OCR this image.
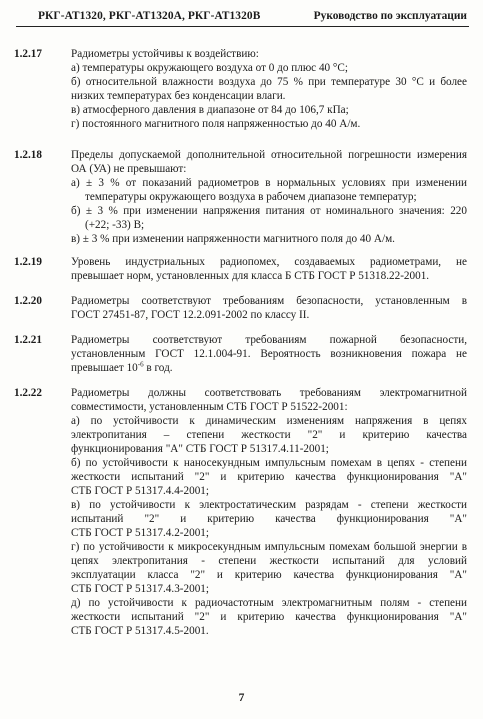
РКГ-АТ1320, РКГ-АТ1320А, РКГ-АТ1320В	Руководство по эксплуатации
1.2.17	Радиометры устойчивы к воздействию:
а) температуры окружающего воздуха от 0 до плюс 40 °С;
б) относительной влажности воздуха до 75 % при температуре 30 °С и более
низких температурах без конденсации влаги.
в) атмосферного давления в диапазоне от 84 до 106,7 кПа;
г) постоянного магнитного поля напряженностью до 40 А/м.
1.2.18	Пределы допускаемой дополнительной относительной погрешности измерения
ОА (УА) не превышают:
а) ± 3 % от показаний радиометров в нормальных условиях при изменении
температуры окружающего воздуха в рабочем диапазоне температур;
б) ± 3 % при изменении напряжения питания от номинального значения: 220
(+22; -33) В;
в) ± 3 % при изменении напряженности магнитного поля до 40 А/м.
1.2.19	Уровень индустриальных радиопомех, создаваемых радиометрами, не
превышает норм, установленных для класса Б СТБ ГОСТ Р 51318.22-2001.
1.2.20	Радиометры соответствуют требованиям безопасности, установленным в
ГОСТ 27451-87, ГОСТ 12.2.091-2002 по классу II.
1.2.21	Радиометры соответствуют требованиям пожарной безопасности,
установленным ГОСТ 12.1.004-91. Вероятность возникновения пожара не
превышает $10^{-6}$ в год.
1.2.22	Радиометры должны соответствовать требованиям электромагнитной
совместимости, установленным СТБ ГОСТ Р 51522-2001:
а) по устойчивости к динамическим изменениям напряжения в цепях
электропитания – степени жесткости "2" и критерию качества
функционирования "А" СТБ ГОСТ Р 51317.4.11-2001;
б) по устойчивости к наносекундным импульсным помехам в цепях - степени
жесткости испытаний "2" и критерию качества функционирования "А"
СТБ ГОСТ Р 51317.4.4-2001;
в) по устойчивости к электростатическим разрядам - степени жесткости
испытаний "2" и критерию качества функционирования "А"
СТБ ГОСТ Р 51317.4.2-2001;
г) по устойчивости к микросекундным импульсным помехам большой энергии в
цепях электропитания - степени жесткости испытаний для условий
эксплуатации класса "2" и критерию качества функционирования "А"
СТБ ГОСТ Р 51317.4.3-2001;
д) по устойчивости к радиочастотным электромагнитным полям - степени
жесткости испытаний "2" и критерию качества функционирования "А"
СТБ ГОСТ Р 51317.4.5-2001.
7
